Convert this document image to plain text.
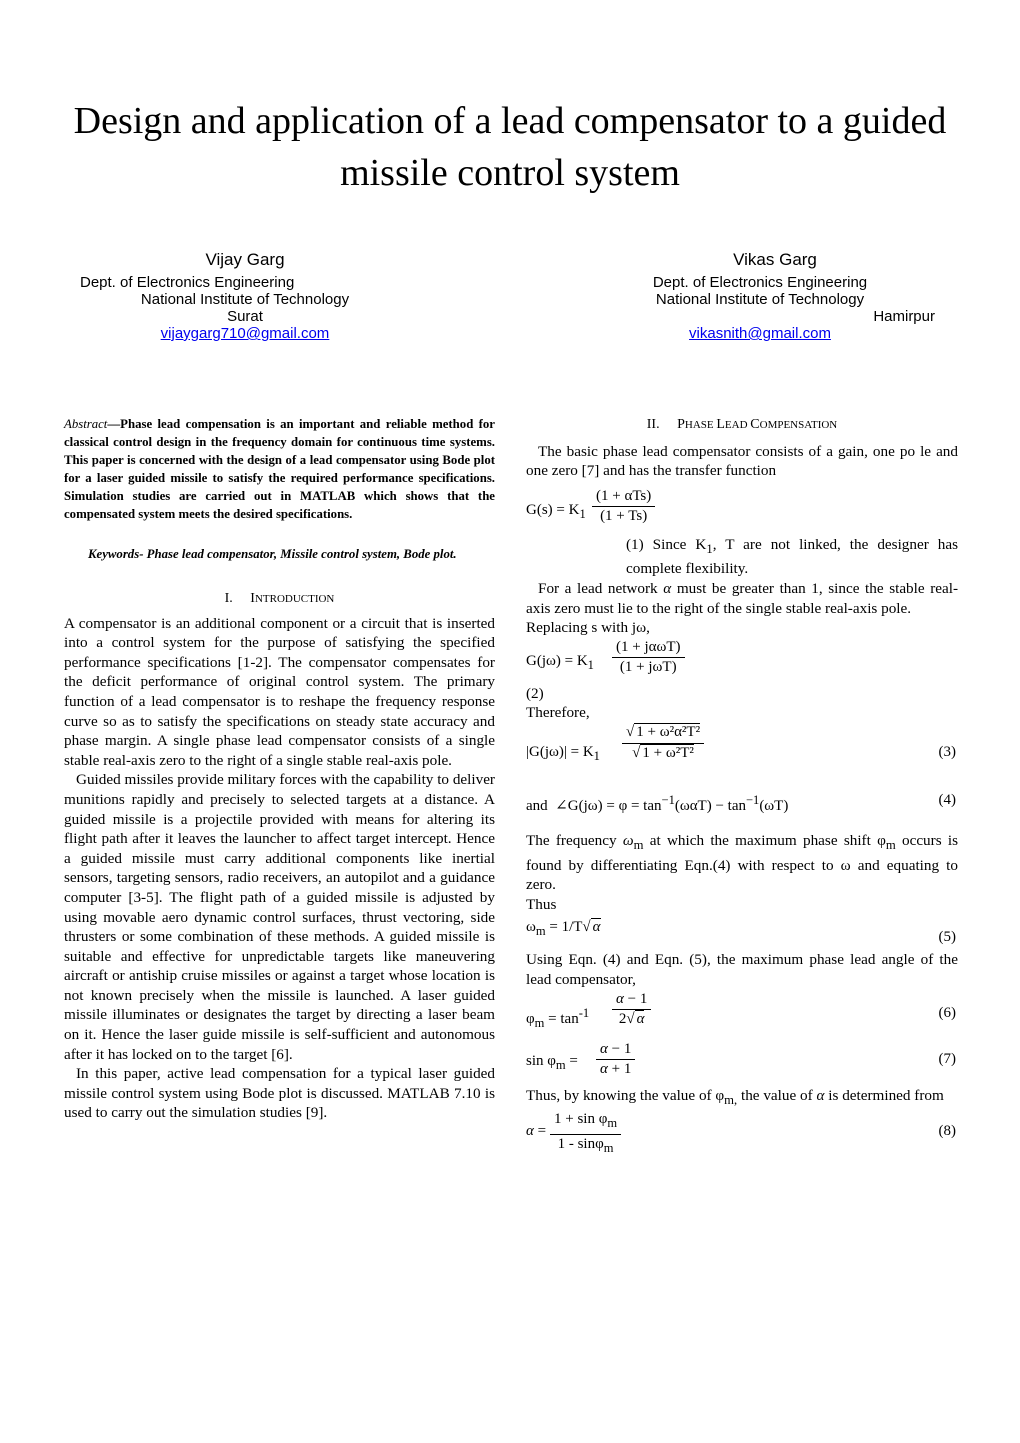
Design and application of a lead compensator to a guided missile control system
Vijay Garg
Dept. of Electronics Engineering
National Institute of Technology
Surat
vijaygarg710@gmail.com
Vikas Garg
Dept. of Electronics Engineering
National Institute of Technology
Hamirpur
vikasnith@gmail.com
Abstract—Phase lead compensation is an important and reliable method for classical control design in the frequency domain for continuous time systems. This paper is concerned with the design of a lead compensator using Bode plot for a laser guided missile to satisfy the required performance specifications. Simulation studies are carried out in MATLAB which shows that the compensated system meets the desired specifications.
Keywords- Phase lead compensator, Missile control system, Bode plot.
I. INTRODUCTION

A compensator is an additional component or a circuit that is inserted into a control system for the purpose of satisfying the specified performance specifications [1-2]. The compensator compensates for the deficit performance of original control system. The primary function of a lead compensator is to reshape the frequency response curve so as to satisfy the specifications on steady state accuracy and phase margin. A single phase lead compensator consists of a single stable real-axis zero to the right of a single stable real-axis pole.

Guided missiles provide military forces with the capability to deliver munitions rapidly and precisely to selected targets at a distance. A guided missile is a projectile provided with means for altering its flight path after it leaves the launcher to affect target intercept. Hence a guided missile must carry additional components like inertial sensors, targeting sensors, radio receivers, an autopilot and a guidance computer [3-5]. The flight path of a guided missile is adjusted by using movable aero dynamic control surfaces, thrust vectoring, side thrusters or some combination of these methods. A guided missile is suitable and effective for unpredictable targets like maneuvering aircraft or antiship cruise missiles or against a target whose location is not known precisely when the missile is launched. A laser guided missile illuminates or designates the target by directing a laser beam on it. Hence the laser guide missile is self-sufficient and autonomous after it has locked on to the target [6].

In this paper, active lead compensation for a typical laser guided missile control system using Bode plot is discussed. MATLAB 7.10 is used to carry out the simulation studies [9].

II. PHASE LEAD COMPENSATION

The basic phase lead compensator consists of a gain, one po le and one zero [7] and has the transfer function

$G(s) = K_1$
(1 + αTs)
(1 + Ts)

(1) Since $K_1$, T are not linked, the designer has complete flexibility.

For a lead network α must be greater than 1, since the stable real-axis zero must lie to the right of the single stable real-axis pole.

Replacing s with jω,

$G(j\omega) = K_1$
(1 + jαωT)
(1 + jωT)

(2)

Therefore,

$|G(j\omega)| = K_1 \frac{\text{√ 1 + ω²α²T²}}{\text{√ 1 + ω²T²}}$	(3)
and  ∠G(jω) = $\varphi = \tan^{-1}(\omega\alpha T) - \tan^{-1}(\omega T)$	(4)

The frequency $\omega_m$ at which the maximum phase shift $\varphi_m$ occurs is found by differentiating Eqn.(4) with respect to ω and equating to zero.

Thus

$\omega_m = 1/T√$ α
(5)

Using Eqn. (4) and Eqn. (5), the maximum phase lead angle of the lead compensator,

$\varphi_m = \tan^{-1} \frac{\alpha - 1}{2√ \alpha}$	(6)
$\sin \varphi_m = \frac{\alpha - 1}{\alpha + 1}$	(7)

Thus, by knowing the value of $\varphi_{m,}$ the value of α is determined from

$\alpha = \frac{1 + \sin \varphi_m}{1 - \sin\varphi_m}$	(8)
